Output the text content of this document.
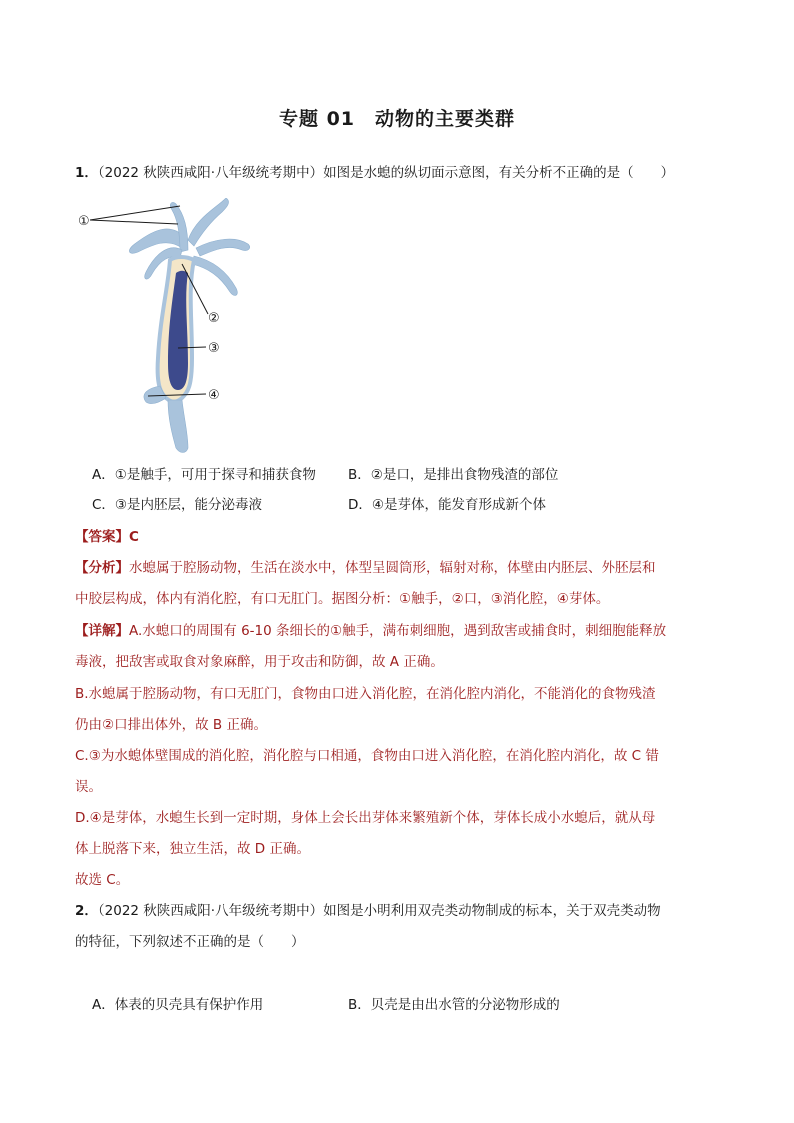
专题 01 动物的主要类群
1．（2022 秋陕西咸阳·八年级统考期中）如图是水螅的纵切面示意图，有关分析不正确的是（　　）
①
②
③
④
A．①是触手，可用于探寻和捕获食物 B．②是口，是排出食物残渣的部位
C．③是内胚层，能分泌毒液	D．④是芽体，能发育形成新个体
【答案】C
【分析】水螅属于腔肠动物，生活在淡水中，体型呈圆筒形，辐射对称，体壁由内胚层、外胚层和
中胶层构成，体内有消化腔，有口无肛门。据图分析：①触手，②口，③消化腔，④芽体。
【详解】A.水螅口的周围有 6-10 条细长的①触手，满布刺细胞，遇到敌害或捕食时，刺细胞能释放
毒液，把敌害或取食对象麻醉，用于攻击和防御，故 A 正确。
B.水螅属于腔肠动物，有口无肛门，食物由口进入消化腔，在消化腔内消化，不能消化的食物残渣
仍由②口排出体外，故 B 正确。
C.③为水螅体壁围成的消化腔，消化腔与口相通，食物由口进入消化腔，在消化腔内消化，故 C 错
误。
D.④是芽体，水螅生长到一定时期，身体上会长出芽体来繁殖新个体，芽体长成小水螅后，就从母
体上脱落下来，独立生活，故 D 正确。
故选 C。
2．（2022 秋陕西咸阳·八年级统考期中）如图是小明利用双壳类动物制成的标本，关于双壳类动物
的特征，下列叙述不正确的是（　　）
A．体表的贝壳具有保护作用	B．贝壳是由出水管的分泌物形成的
